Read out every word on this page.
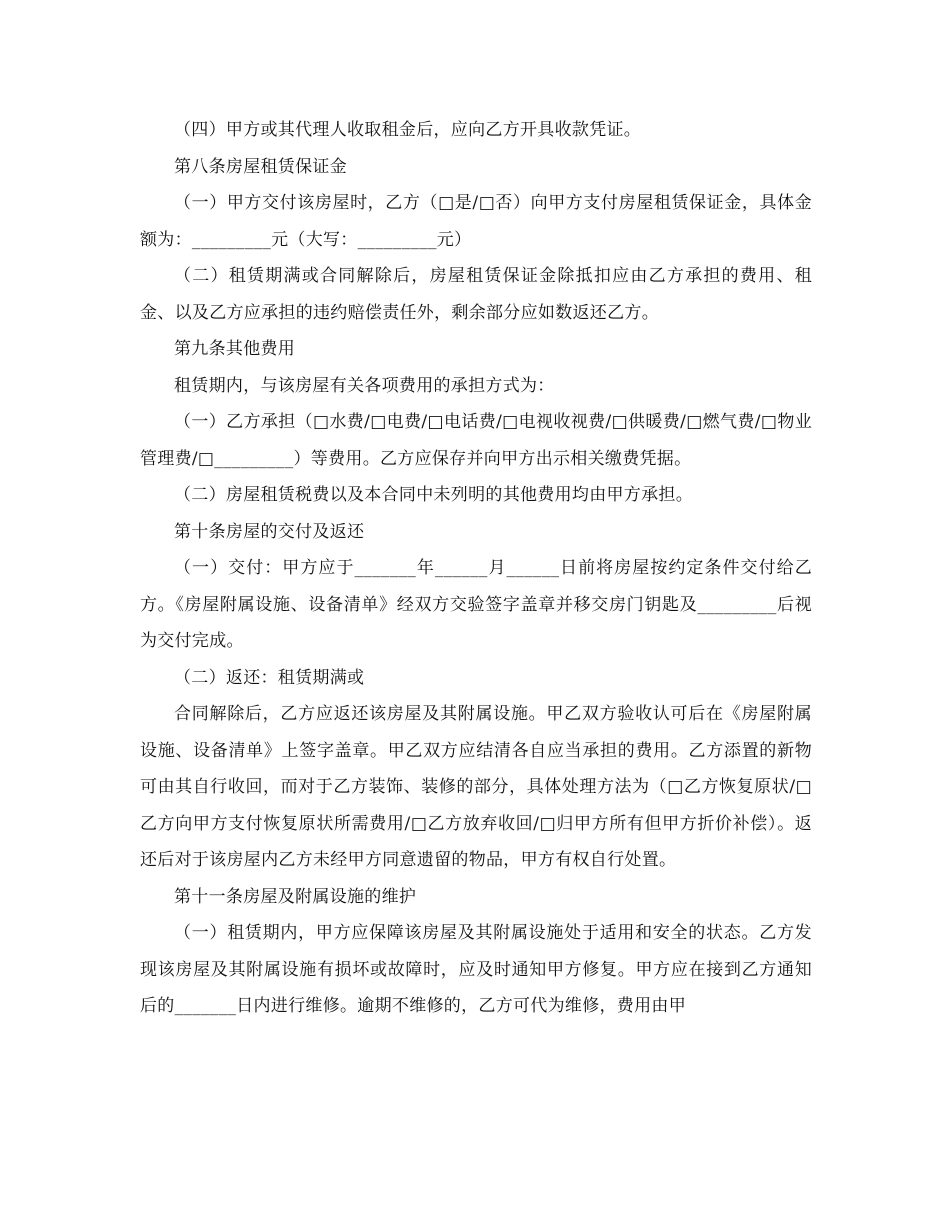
（四）甲方或其代理人收取租金后，应向乙方开具收款凭证。

第八条房屋租赁保证金

（一）甲方交付该房屋时，乙方（□是/□否）向甲方支付房屋租赁保证金，具体金额为：_________元（大写：_________元）

（二）租赁期满或合同解除后，房屋租赁保证金除抵扣应由乙方承担的费用、租金、以及乙方应承担的违约赔偿责任外，剩余部分应如数返还乙方。

第九条其他费用

租赁期内，与该房屋有关各项费用的承担方式为：

（一）乙方承担（□水费/□电费/□电话费/□电视收视费/□供暖费/□燃气费/□物业管理费/□_________）等费用。乙方应保存并向甲方出示相关缴费凭据。

（二）房屋租赁税费以及本合同中未列明的其他费用均由甲方承担。

第十条房屋的交付及返还

（一）交付：甲方应于_______年______月______日前将房屋按约定条件交付给乙方。《房屋附属设施、设备清单》经双方交验签字盖章并移交房门钥匙及_________后视为交付完成。

（二）返还：租赁期满或

合同解除后，乙方应返还该房屋及其附属设施。甲乙双方验收认可后在《房屋附属设施、设备清单》上签字盖章。甲乙双方应结清各自应当承担的费用。乙方添置的新物可由其自行收回，而对于乙方装饰、装修的部分，具体处理方法为（□乙方恢复原状/□乙方向甲方支付恢复原状所需费用/□乙方放弃收回/□归甲方所有但甲方折价补偿）。返还后对于该房屋内乙方未经甲方同意遗留的物品，甲方有权自行处置。

第十一条房屋及附属设施的维护

（一）租赁期内，甲方应保障该房屋及其附属设施处于适用和安全的状态。乙方发现该房屋及其附属设施有损坏或故障时，应及时通知甲方修复。甲方应在接到乙方通知后的_______日内进行维修。逾期不维修的，乙方可代为维修，费用由甲
